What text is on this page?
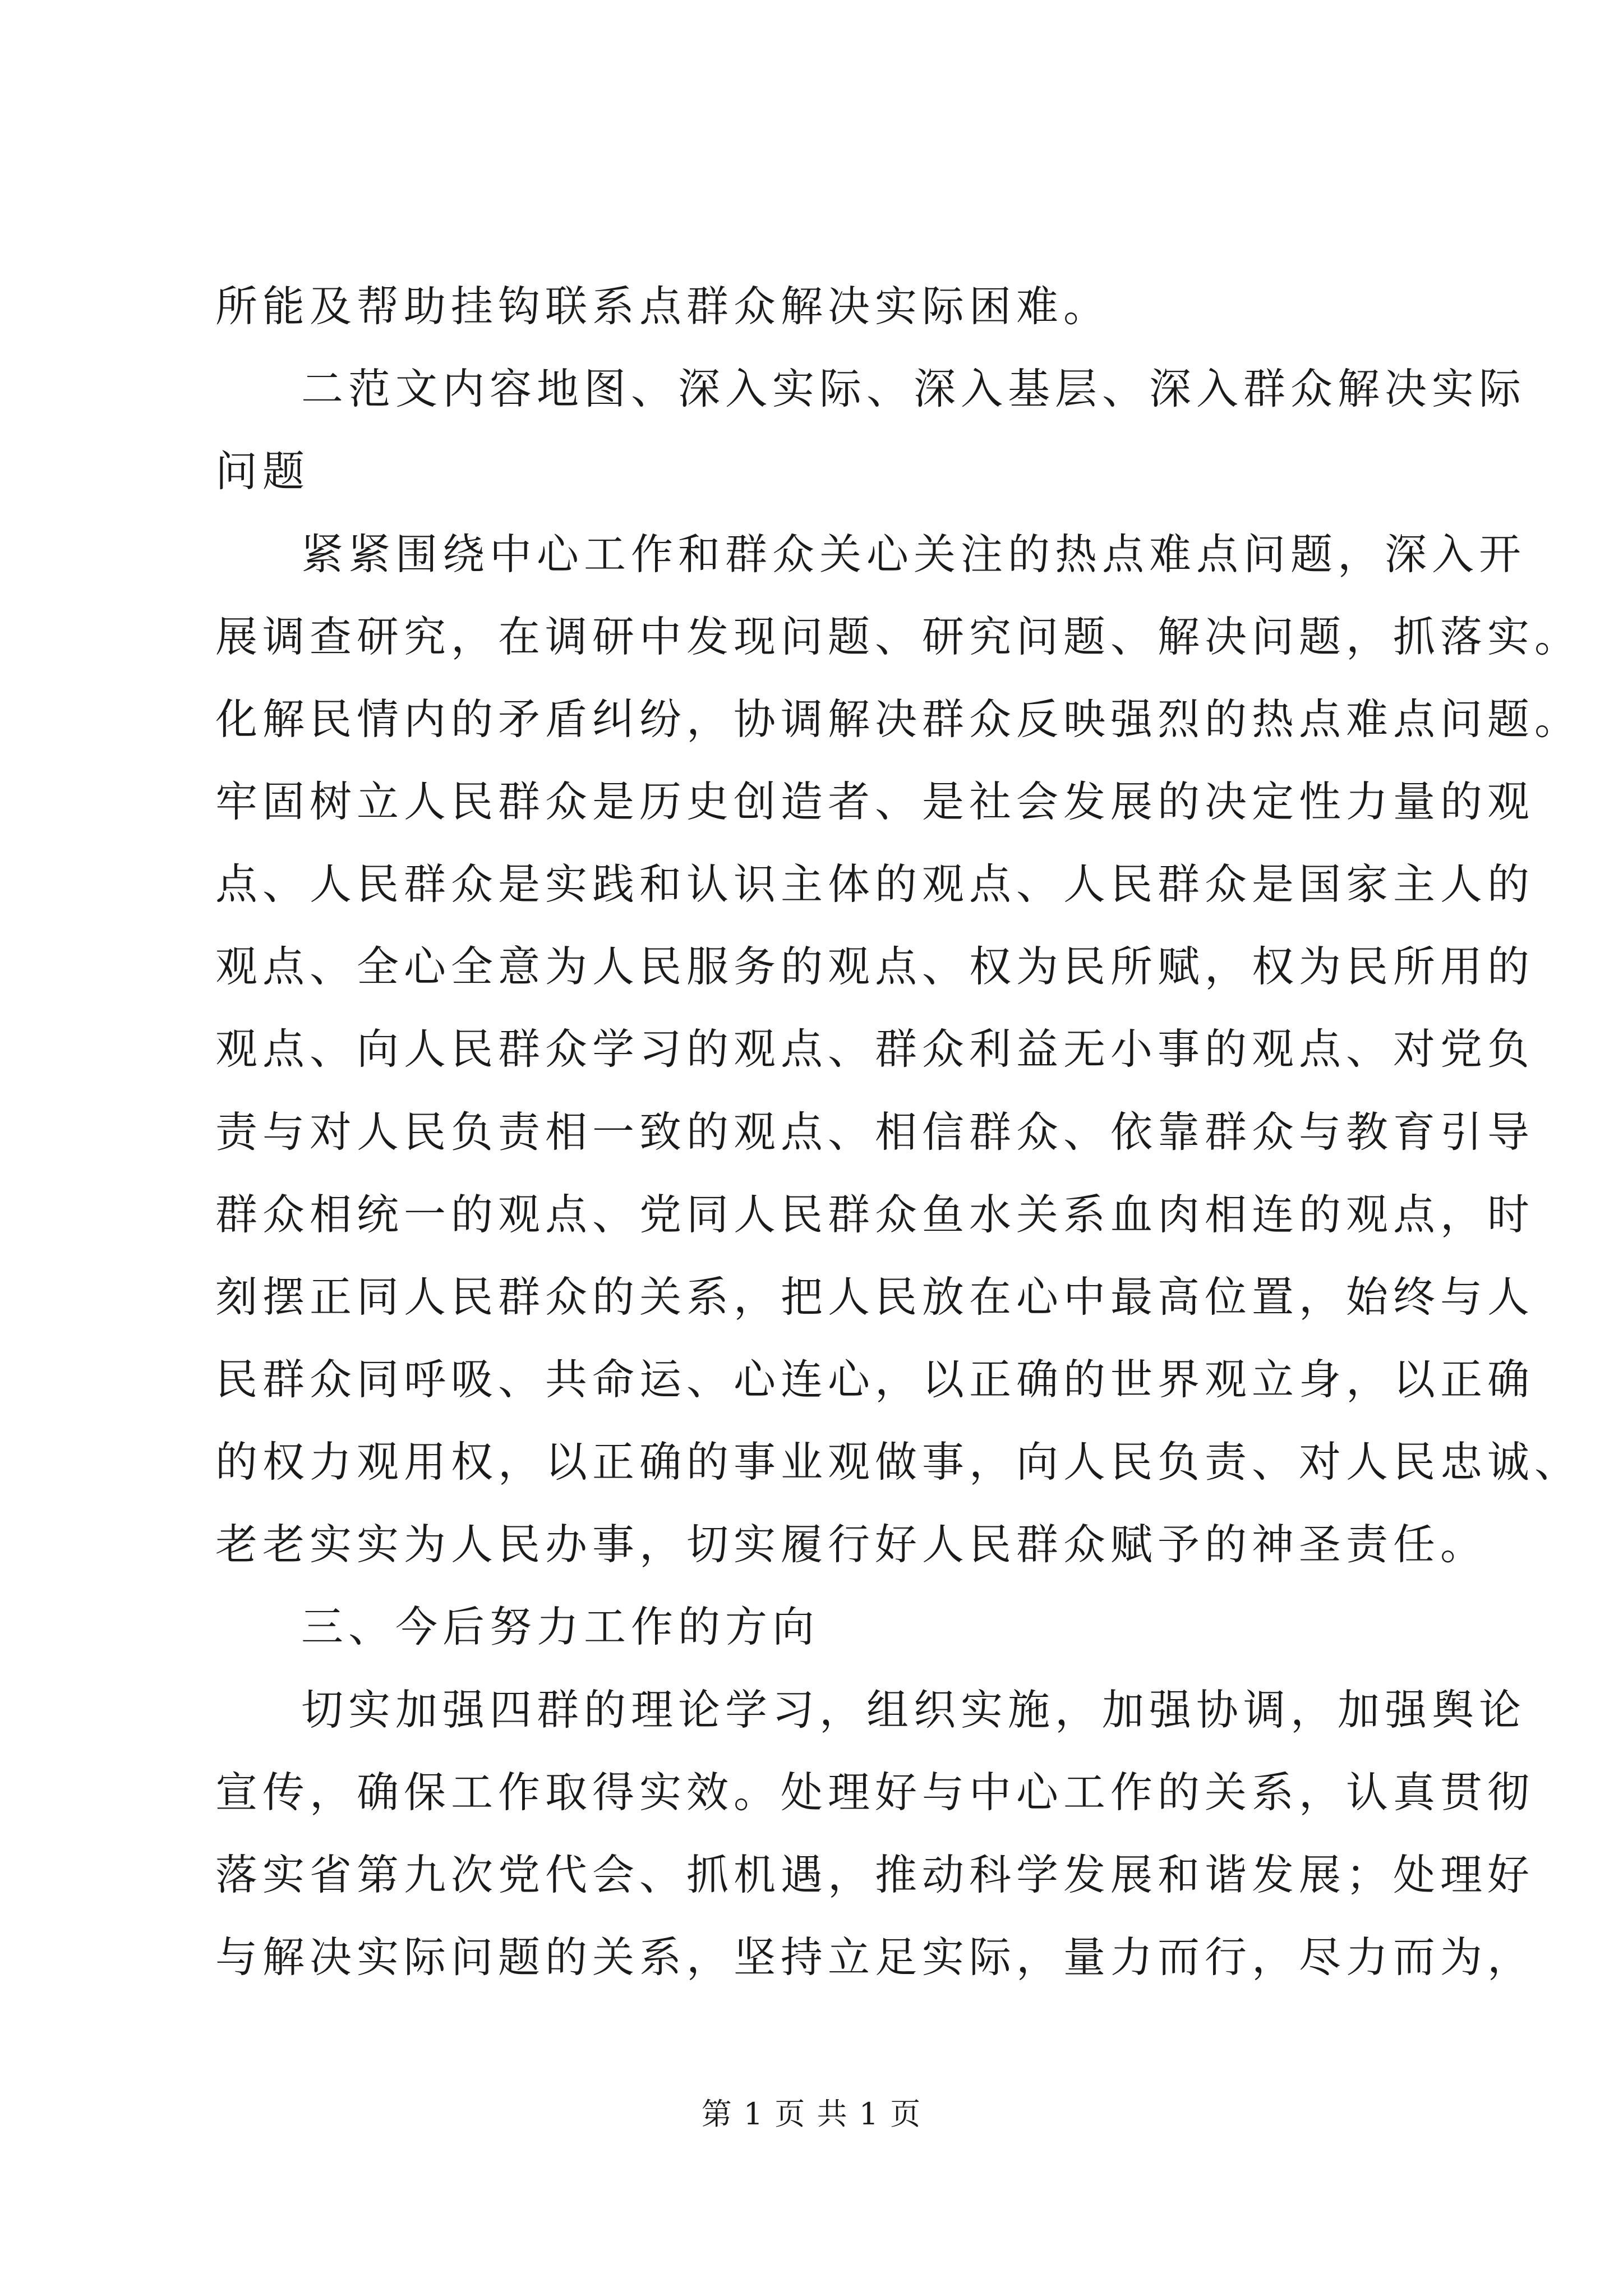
所能及帮助挂钩联系点群众解决实际困难。
二范文内容地图、深入实际、深入基层、深入群众解决实际
问题
紧紧围绕中心工作和群众关心关注的热点难点问题，深入开
展调查研究，在调研中发现问题、研究问题、解决问题，抓落实。
化解民情内的矛盾纠纷，协调解决群众反映强烈的热点难点问题。
牢固树立人民群众是历史创造者、是社会发展的决定性力量的观
点、人民群众是实践和认识主体的观点、人民群众是国家主人的
观点、全心全意为人民服务的观点、权为民所赋，权为民所用的
观点、向人民群众学习的观点、群众利益无小事的观点、对党负
责与对人民负责相一致的观点、相信群众、依靠群众与教育引导
群众相统一的观点、党同人民群众鱼水关系血肉相连的观点，时
刻摆正同人民群众的关系，把人民放在心中最高位置，始终与人
民群众同呼吸、共命运、心连心，以正确的世界观立身，以正确
的权力观用权，以正确的事业观做事，向人民负责、对人民忠诚、
老老实实为人民办事，切实履行好人民群众赋予的神圣责任。
三、今后努力工作的方向
切实加强四群的理论学习，组织实施，加强协调，加强舆论
宣传，确保工作取得实效。处理好与中心工作的关系，认真贯彻
落实省第九次党代会、抓机遇，推动科学发展和谐发展；处理好
与解决实际问题的关系，坚持立足实际，量力而行，尽力而为，
第 1 页 共 1 页
